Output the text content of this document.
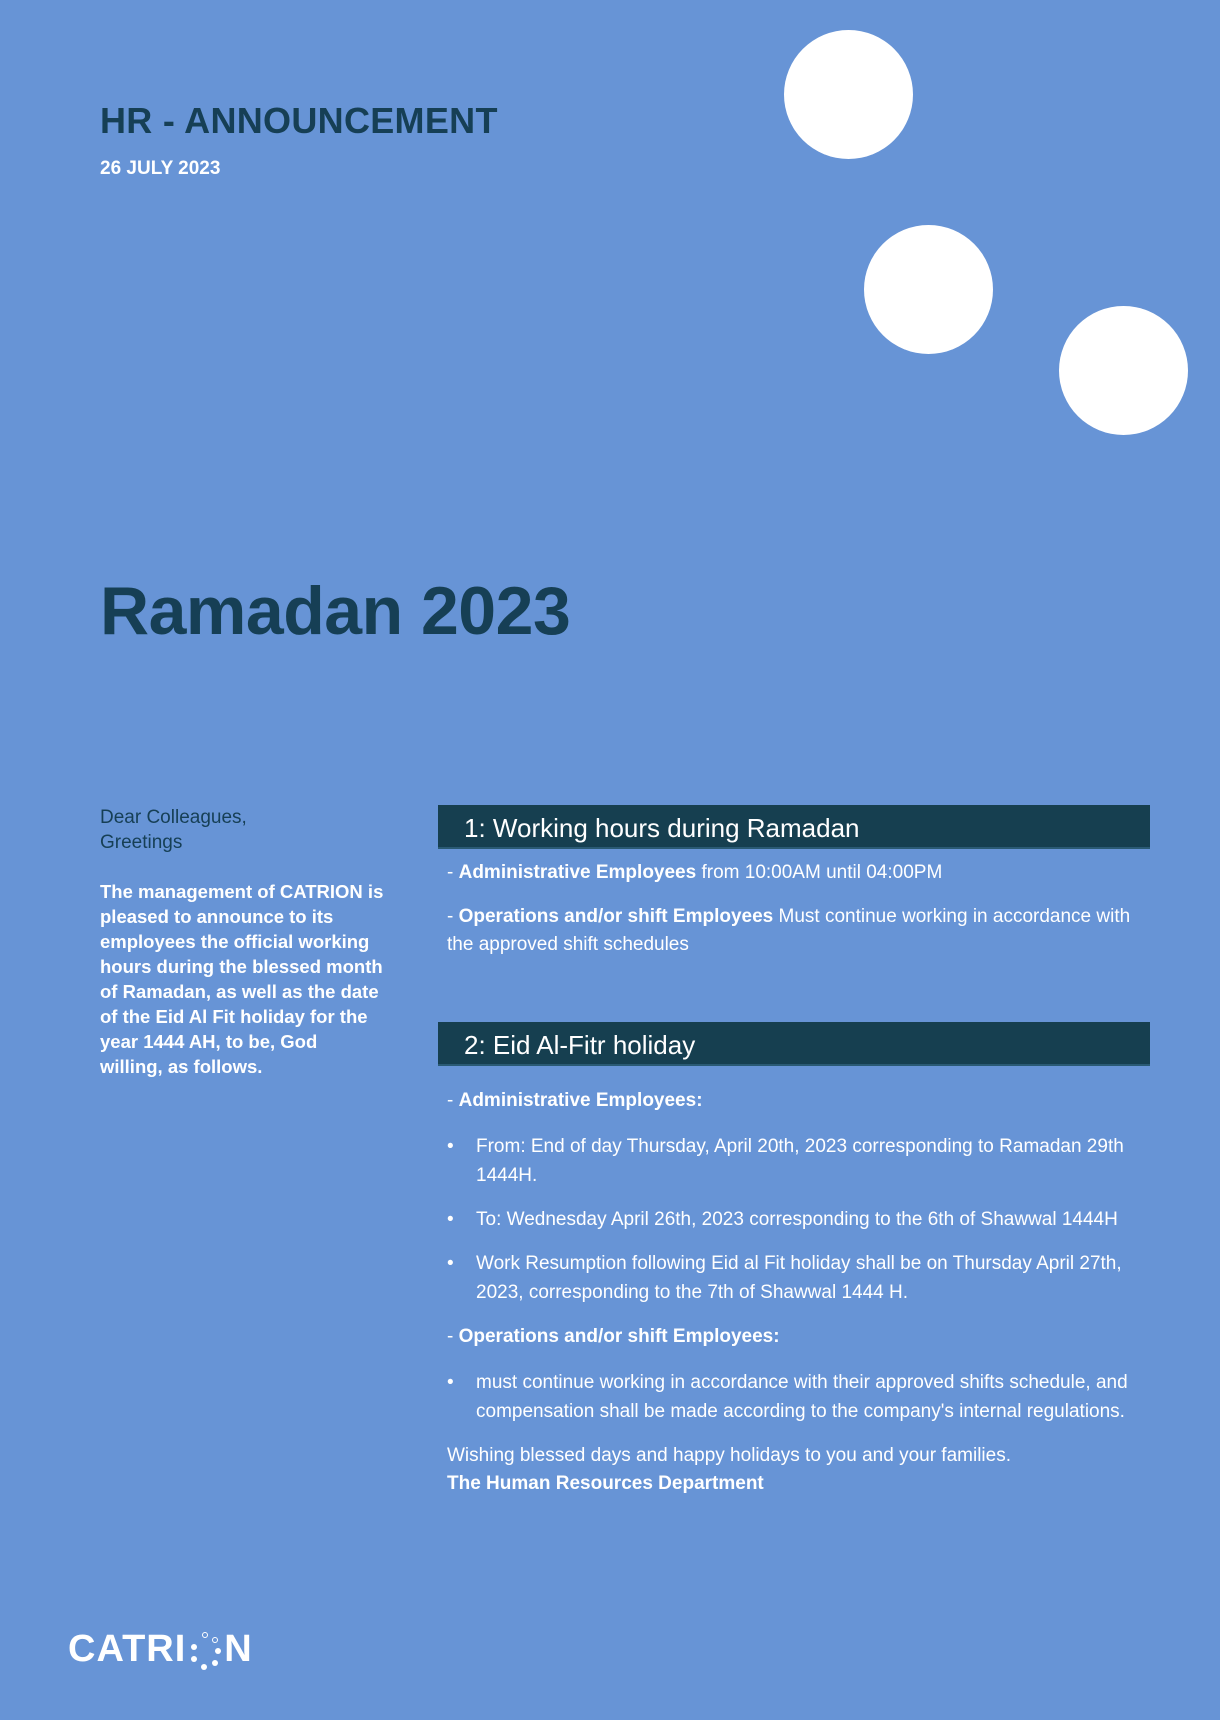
HR - ANNOUNCEMENT
26 JULY 2023
Ramadan 2023
Dear Colleagues,
Greetings
The management of CATRION is pleased to announce to its employees the official working hours during the blessed month of Ramadan, as well as the date of the Eid Al Fit holiday for the year 1444 AH, to be, God willing, as follows.
1: Working hours during Ramadan
- Administrative Employees from 10:00AM until 04:00PM
- Operations and/or shift Employees Must continue working in accordance with the approved shift schedules
2: Eid Al-Fitr holiday
- Administrative Employees:
• From: End of day Thursday, April 20th, 2023 corresponding to Ramadan 29th 1444H.
• To: Wednesday April 26th, 2023 corresponding to the 6th of Shawwal 1444H
• Work Resumption following Eid al Fit holiday shall be on Thursday April 27th, 2023, corresponding to the 7th of Shawwal 1444 H.
- Operations and/or shift Employees:
• must continue working in accordance with their approved shifts schedule, and compensation shall be made according to the company's internal regulations.
Wishing blessed days and happy holidays to you and your families.
The Human Resources Department
CATRI N
